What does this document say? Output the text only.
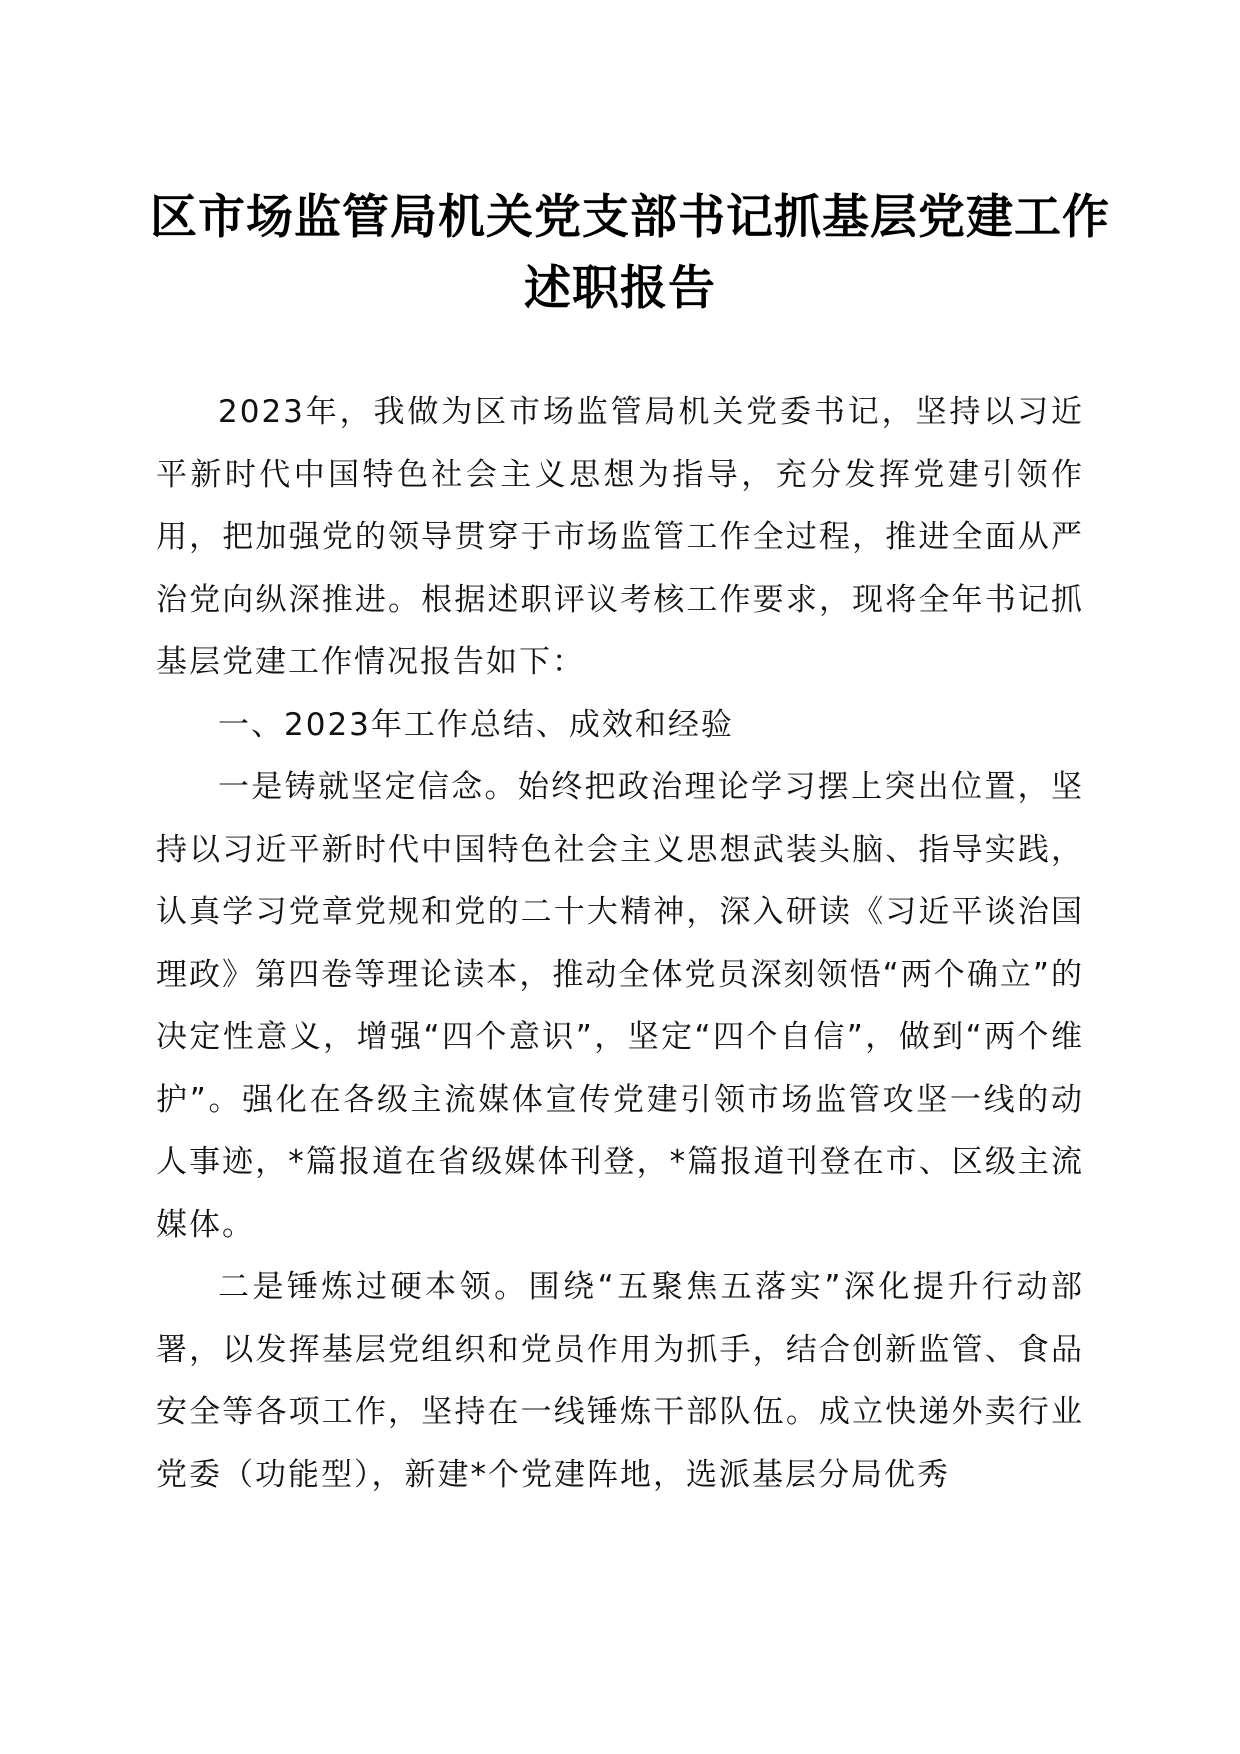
区市场监管局机关党支部书记抓基层党建工作
述职报告

2023年，我做为区市场监管局机关党委书记，坚持以习近平新时代中国特色社会主义思想为指导，充分发挥党建引领作用，把加强党的领导贯穿于市场监管工作全过程，推进全面从严治党向纵深推进。根据述职评议考核工作要求，现将全年书记抓基层党建工作情况报告如下：

一、2023年工作总结、成效和经验

一是铸就坚定信念。始终把政治理论学习摆上突出位置，坚持以习近平新时代中国特色社会主义思想武装头脑、指导实践，认真学习党章党规和党的二十大精神，深入研读《习近平谈治国理政》第四卷等理论读本，推动全体党员深刻领悟“两个确立”的决定性意义，增强“四个意识”，坚定“四个自信”，做到“两个维护”。强化在各级主流媒体宣传党建引领市场监管攻坚一线的动人事迹，*篇报道在省级媒体刊登，*篇报道刊登在市、区级主流媒体。

二是锤炼过硬本领。围绕“五聚焦五落实”深化提升行动部署，以发挥基层党组织和党员作用为抓手，结合创新监管、食品安全等各项工作，坚持在一线锤炼干部队伍。成立快递外卖行业党委（功能型），新建*个党建阵地，选派基层分局优秀
